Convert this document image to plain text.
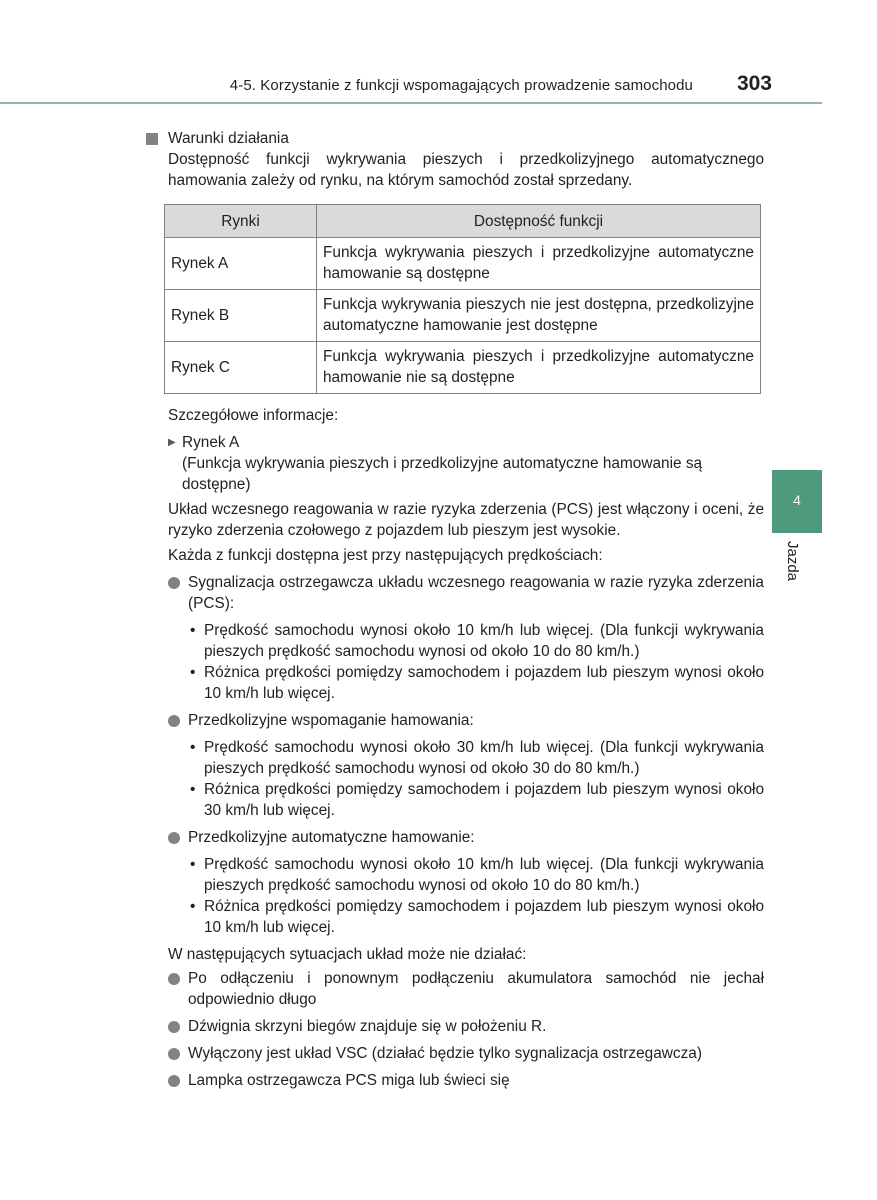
4-5. Korzystanie z funkcji wspomagających prowadzenie samochodu 303
4
Jazda
Warunki działania

Dostępność funkcji wykrywania pieszych i przedkolizyjnego automatycznego hamowania zależy od rynku, na którym samochód został sprzedany.

Rynki	Dostępność funkcji
Rynek A	Funkcja wykrywania pieszych i przedkolizyjne automatyczne hamowanie są dostępne
Rynek B	Funkcja wykrywania pieszych nie jest dostępna, przedkolizyjne automatyczne hamowanie jest dostępne
Rynek C	Funkcja wykrywania pieszych i przedkolizyjne automatyczne hamowanie nie są dostępne

Szczegółowe informacje:

▶ Rynek A

(Funkcja wykrywania pieszych i przedkolizyjne automatyczne hamowanie są dostępne)

Układ wczesnego reagowania w razie ryzyka zderzenia (PCS) jest włączony i oceni, że ryzyko zderzenia czołowego z pojazdem lub pieszym jest wysokie.

Każda z funkcji dostępna jest przy następujących prędkościach:

Sygnalizacja ostrzegawcza układu wczesnego reagowania w razie ryzyka zderzenia (PCS):

• Prędkość samochodu wynosi około 10 km/h lub więcej. (Dla funkcji wykrywania pieszych prędkość samochodu wynosi od około 10 do 80 km/h.)
• Różnica prędkości pomiędzy samochodem i pojazdem lub pieszym wynosi około 10 km/h lub więcej.

Przedkolizyjne wspomaganie hamowania:

• Prędkość samochodu wynosi około 30 km/h lub więcej. (Dla funkcji wykrywania pieszych prędkość samochodu wynosi od około 30 do 80 km/h.)
• Różnica prędkości pomiędzy samochodem i pojazdem lub pieszym wynosi około 30 km/h lub więcej.

Przedkolizyjne automatyczne hamowanie:

• Prędkość samochodu wynosi około 10 km/h lub więcej. (Dla funkcji wykrywania pieszych prędkość samochodu wynosi od około 10 do 80 km/h.)
• Różnica prędkości pomiędzy samochodem i pojazdem lub pieszym wynosi około 10 km/h lub więcej.

W następujących sytuacjach układ może nie działać:

Po odłączeniu i ponownym podłączeniu akumulatora samochód nie jechał odpowiednio długo
Dźwignia skrzyni biegów znajduje się w położeniu R.
Wyłączony jest układ VSC (działać będzie tylko sygnalizacja ostrzegawcza)
Lampka ostrzegawcza PCS miga lub świeci się
